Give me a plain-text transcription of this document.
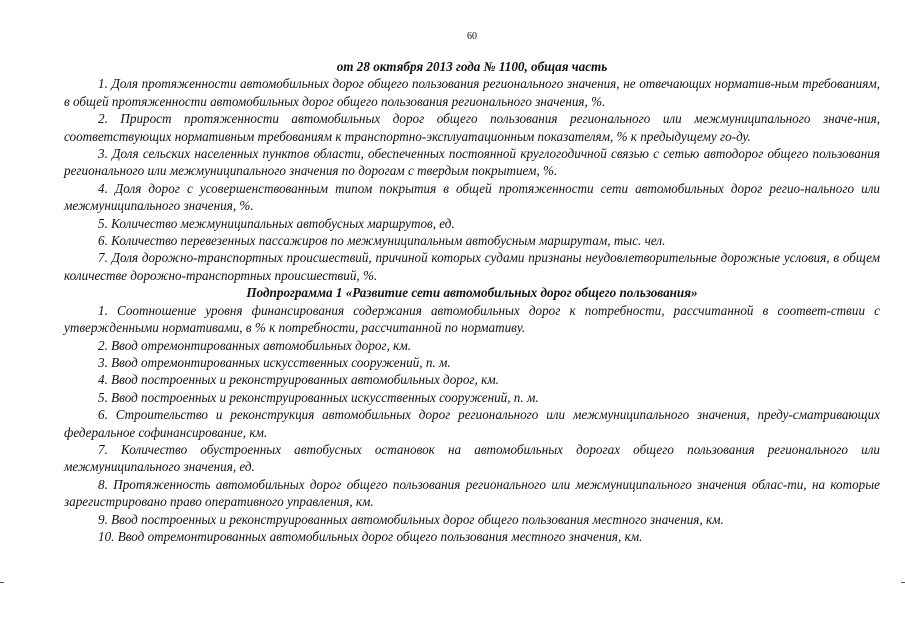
60

от 28 октября 2013 года № 1100, общая часть

1. Доля протяженности автомобильных дорог общего пользования регионального значения, не отвечающих норматив-ным требованиям, в общей протяженности автомобильных дорог общего пользования регионального значения, %.

2. Прирост протяженности автомобильных дорог общего пользования регионального или межмуниципального значе-ния, соответствующих нормативным требованиям к транспортно-эксплуатационным показателям, % к предыдущему го-ду.

3. Доля сельских населенных пунктов области, обеспеченных постоянной круглогодичной связью с сетью автодорог общего пользования регионального или межмуниципального значения по дорогам с твердым покрытием, %.

4. Доля дорог с усовершенствованным типом покрытия в общей протяженности сети автомобильных дорог регио-нального или межмуниципального значения, %.

5. Количество межмуниципальных автобусных маршрутов, ед.

6. Количество перевезенных пассажиров по межмуниципальным автобусным маршрутам, тыс. чел.

7. Доля дорожно-транспортных происшествий, причиной которых судами признаны неудовлетворительные дорожные условия, в общем количестве дорожно-транспортных происшествий, %.

Подпрограмма 1 «Развитие сети автомобильных дорог общего пользования»

1. Соотношение уровня финансирования содержания автомобильных дорог к потребности, рассчитанной в соответ-ствии с утвержденными нормативами, в % к потребности, рассчитанной по нормативу.

2. Ввод отремонтированных автомобильных дорог, км.

3. Ввод отремонтированных искусственных сооружений, п. м.

4. Ввод построенных и реконструированных автомобильных дорог, км.

5. Ввод построенных и реконструированных искусственных сооружений, п. м.

6. Строительство и реконструкция автомобильных дорог регионального или межмуниципального значения, преду-сматривающих федеральное софинансирование, км.

7. Количество обустроенных автобусных остановок на автомобильных дорогах общего пользования регионального или межмуниципального значения, ед.

8. Протяженность автомобильных дорог общего пользования регионального или межмуниципального значения облас-ти, на которые зарегистрировано право оперативного управления, км.

9. Ввод построенных и реконструированных автомобильных дорог общего пользования местного значения, км.

10. Ввод отремонтированных автомобильных дорог общего пользования местного значения, км.
